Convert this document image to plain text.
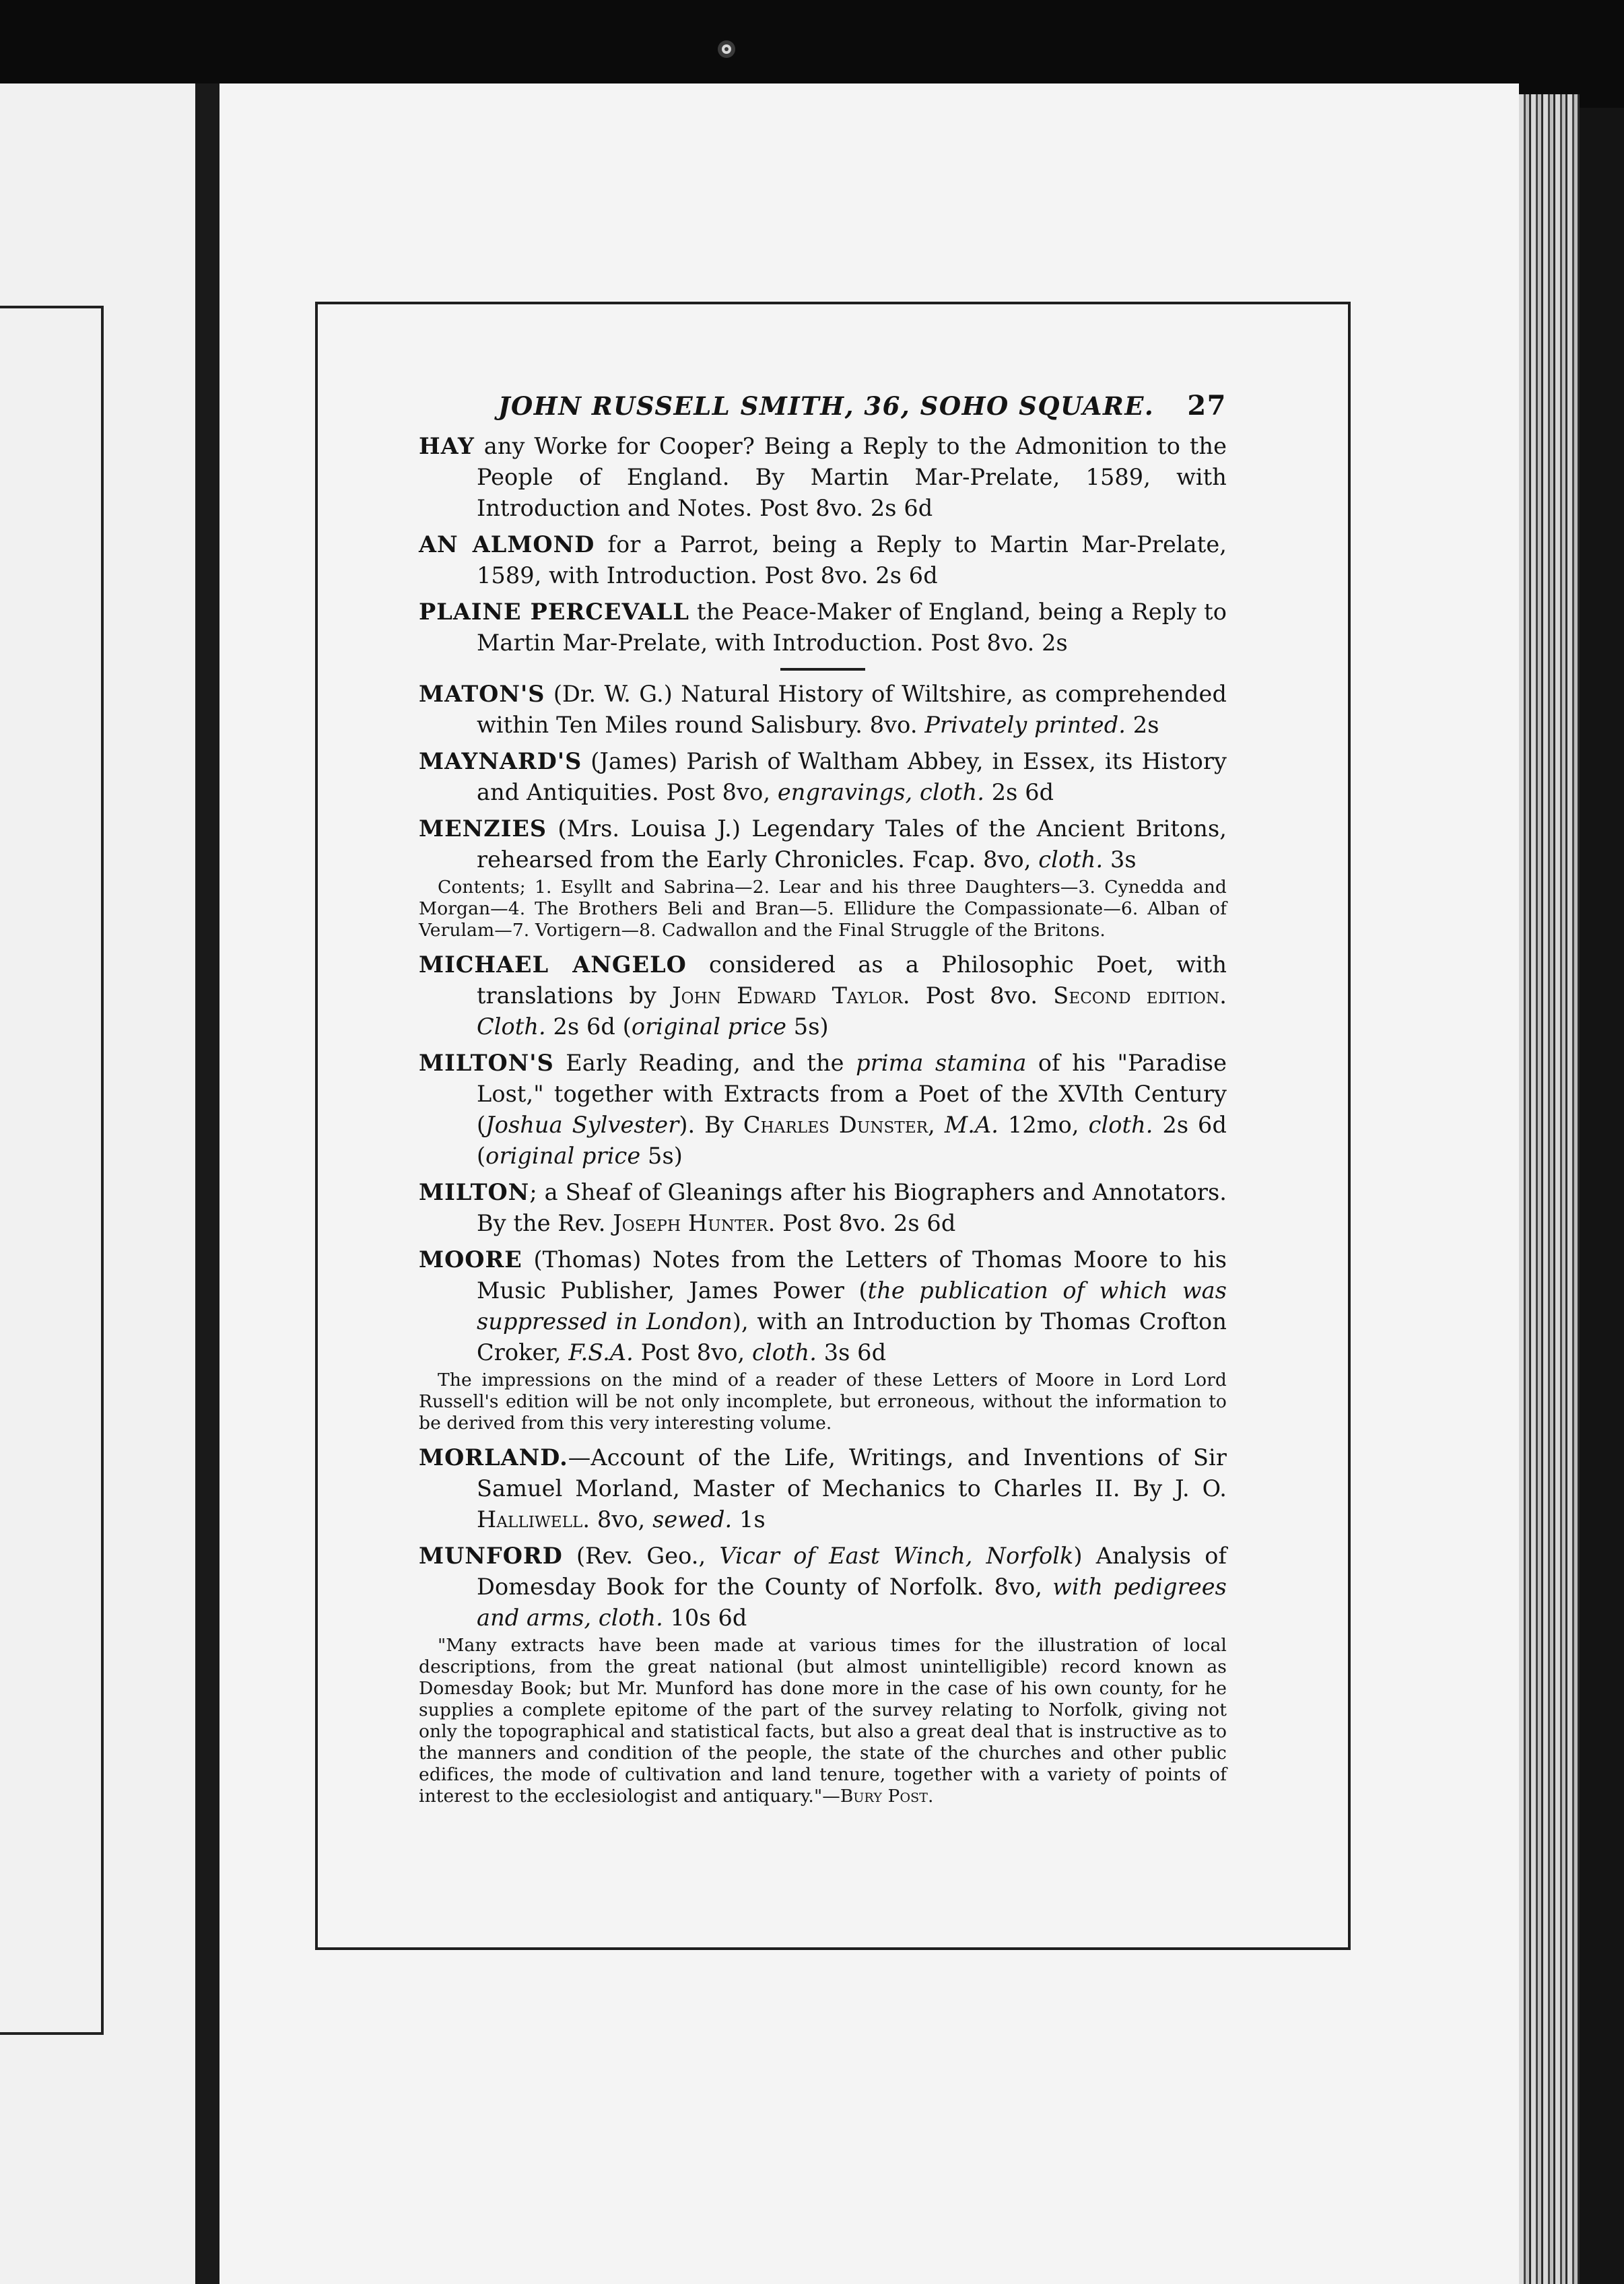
JOHN RUSSELL SMITH, 36, SOHO SQUARE. 27

HAY any Worke for Cooper? Being a Reply to the Admonition to the People of England. By Martin Mar-Prelate, 1589, with Introduction and Notes. Post 8vo. 2s 6d

AN ALMOND for a Parrot, being a Reply to Martin Mar-Prelate, 1589, with Introduction. Post 8vo. 2s 6d

PLAINE PERCEVALL the Peace-Maker of England, being a Reply to Martin Mar-Prelate, with Introduction. Post 8vo. 2s

MATON'S (Dr. W. G.) Natural History of Wiltshire, as comprehended within Ten Miles round Salisbury. 8vo. Privately printed. 2s

MAYNARD'S (James) Parish of Waltham Abbey, in Essex, its History and Antiquities. Post 8vo, engravings, cloth. 2s 6d

MENZIES (Mrs. Louisa J.) Legendary Tales of the Ancient Britons, rehearsed from the Early Chronicles. Fcap. 8vo, cloth. 3s

Contents; 1. Esyllt and Sabrina—2. Lear and his three Daughters—3. Cynedda and Morgan—4. The Brothers Beli and Bran—5. Ellidure the Compassionate—6. Alban of Verulam—7. Vortigern—8. Cadwallon and the Final Struggle of the Britons.

MICHAEL ANGELO considered as a Philosophic Poet, with translations by John Edward Taylor. Post 8vo. Second edition. Cloth. 2s 6d (original price 5s)

MILTON'S Early Reading, and the prima stamina of his "Paradise Lost," together with Extracts from a Poet of the XVIth Century (Joshua Sylvester). By Charles Dunster, M.A. 12mo, cloth. 2s 6d (original price 5s)

MILTON; a Sheaf of Gleanings after his Biographers and Annotators. By the Rev. Joseph Hunter. Post 8vo. 2s 6d

MOORE (Thomas) Notes from the Letters of Thomas Moore to his Music Publisher, James Power (the publication of which was suppressed in London), with an Introduction by Thomas Crofton Croker, F.S.A. Post 8vo, cloth. 3s 6d

The impressions on the mind of a reader of these Letters of Moore in Lord Lord Russell's edition will be not only incomplete, but erroneous, without the information to be derived from this very interesting volume.

MORLAND.—Account of the Life, Writings, and Inventions of Sir Samuel Morland, Master of Mechanics to Charles II. By J. O. Halliwell. 8vo, sewed. 1s

MUNFORD (Rev. Geo., Vicar of East Winch, Norfolk) Analysis of Domesday Book for the County of Norfolk. 8vo, with pedigrees and arms, cloth. 10s 6d

"Many extracts have been made at various times for the illustration of local descriptions, from the great national (but almost unintelligible) record known as Domesday Book; but Mr. Munford has done more in the case of his own county, for he supplies a complete epitome of the part of the survey relating to Norfolk, giving not only the topographical and statistical facts, but also a great deal that is instructive as to the manners and condition of the people, the state of the churches and other public edifices, the mode of cultivation and land tenure, together with a variety of points of interest to the ecclesiologist and antiquary."—Bury Post.
